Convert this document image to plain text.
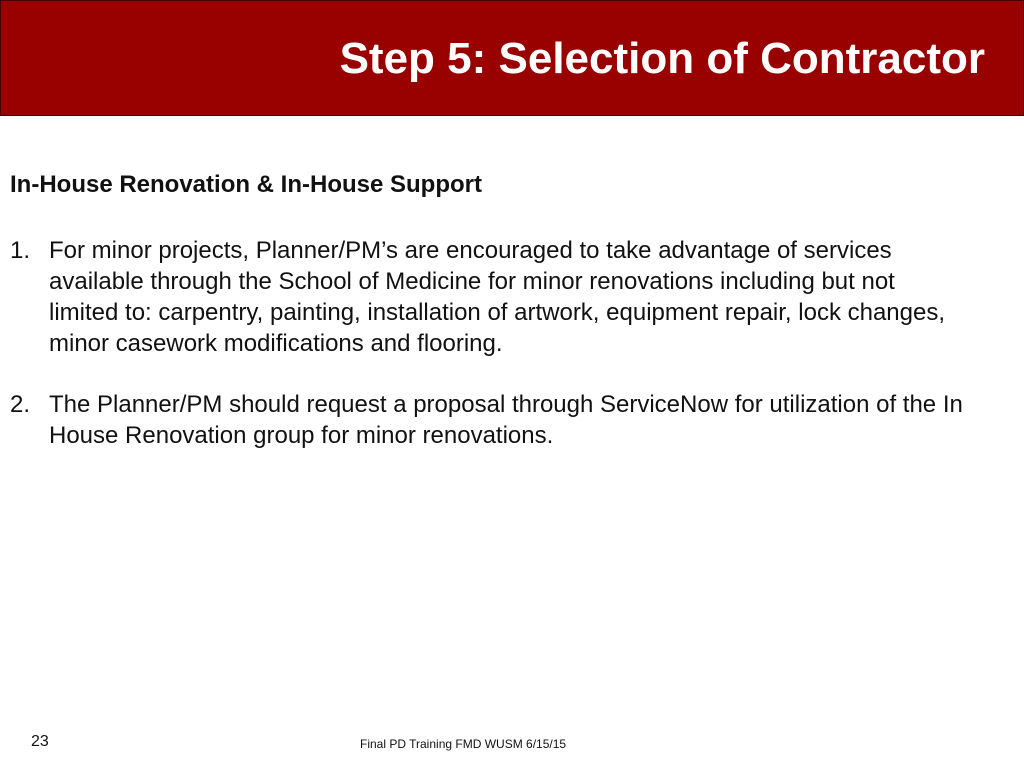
Step 5: Selection of Contractor
In-House Renovation & In-House Support
1. For minor projects, Planner/PM’s are encouraged to take advantage of services
available through the School of Medicine for minor renovations including but not
limited to: carpentry, painting, installation of artwork, equipment repair, lock changes,
minor casework modifications and flooring.
2. The Planner/PM should request a proposal through ServiceNow for utilization of the In
House Renovation group for minor renovations.
23	Final PD Training FMD WUSM 6/15/15
